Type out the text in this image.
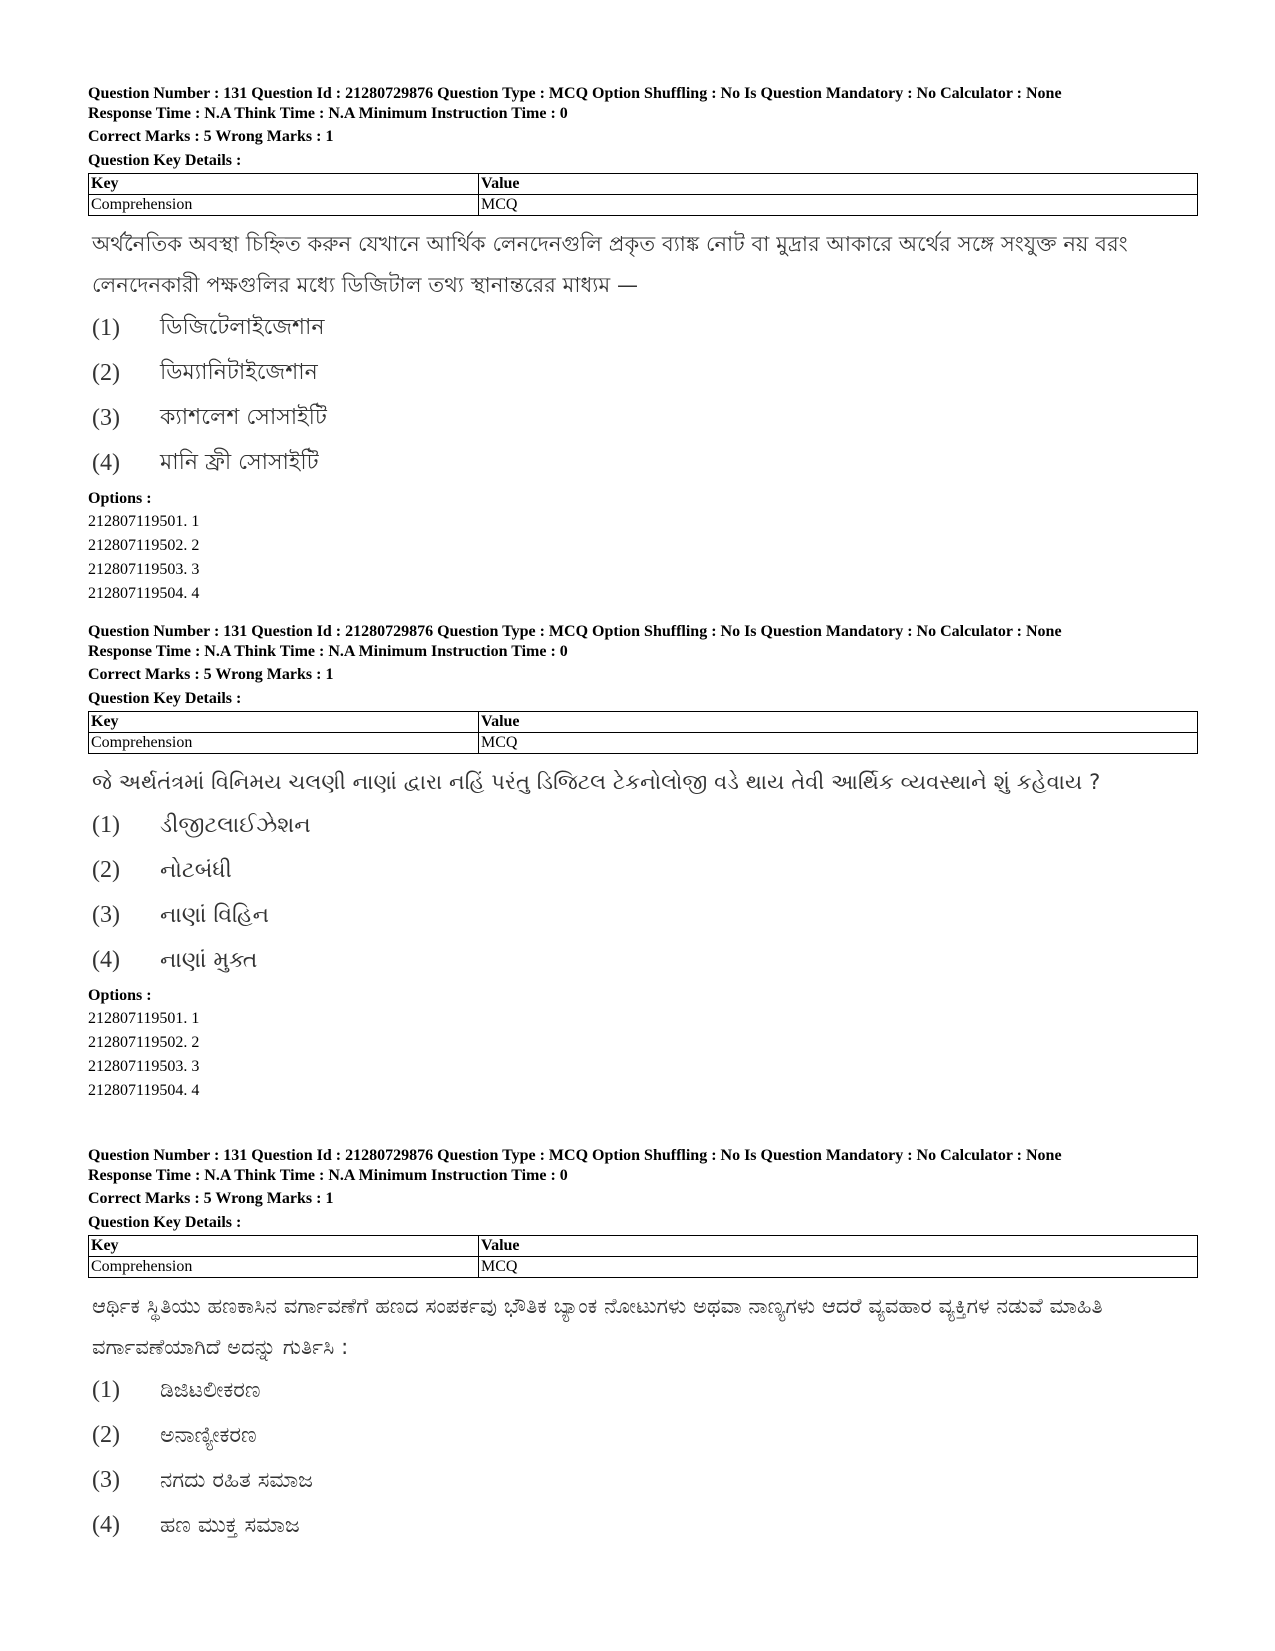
Question Number : 131 Question Id : 21280729876 Question Type : MCQ Option Shuffling : No Is Question Mandatory : No Calculator : None
Response Time : N.A Think Time : N.A Minimum Instruction Time : 0
Correct Marks : 5 Wrong Marks : 1
Question Key Details :
Key	Value
Comprehension	MCQ
অর্থনৈতিক অবস্থা চিহ্নিত করুন যেখানে আর্থিক লেনদেনগুলি প্রকৃত ব্যাঙ্ক নোট বা মুদ্রার আকারে অর্থের সঙ্গে সংযুক্ত নয় বরং লেনদেনকারী পক্ষগুলির মধ্যে ডিজিটাল তথ্য স্থানান্তরের মাধ্যম —
(1)	ডিজিটেলাইজেশান
(2)	ডিম্যানিটাইজেশান
(3)	ক্যাশলেশ সোসাইটি
(4)	মানি ফ্রী সোসাইটি
Options :
212807119501. 1
212807119502. 2
212807119503. 3
212807119504. 4
Question Number : 131 Question Id : 21280729876 Question Type : MCQ Option Shuffling : No Is Question Mandatory : No Calculator : None
Response Time : N.A Think Time : N.A Minimum Instruction Time : 0
Correct Marks : 5 Wrong Marks : 1
Question Key Details :
Key	Value
Comprehension	MCQ
જે અર્થતંત્રમાં વિનિમય ચલણી નાણાં દ્વારા નહિં પરંતુ ડિજિટલ ટેકનોલોજી વડે થાય તેવી આર્થિક વ્યવસ્થાને શું કહેવાય ?
(1)	ડીજીટલાઈઝેશન
(2)	નોટબંધી
(3)	નાણાં વિહિન
(4)	નાણાં મુક્ત
Options :
212807119501. 1
212807119502. 2
212807119503. 3
212807119504. 4
Question Number : 131 Question Id : 21280729876 Question Type : MCQ Option Shuffling : No Is Question Mandatory : No Calculator : None
Response Time : N.A Think Time : N.A Minimum Instruction Time : 0
Correct Marks : 5 Wrong Marks : 1
Question Key Details :
Key	Value
Comprehension	MCQ
ಆರ್ಥಿಕ ಸ್ಥಿತಿಯು ಹಣಕಾಸಿನ ವರ್ಗಾವಣೆಗೆ ಹಣದ ಸಂಪರ್ಕವು ಭೌತಿಕ ಬ್ಯಾಂಕ ನೋಟುಗಳು ಅಥವಾ ನಾಣ್ಯಗಳು ಆದರೆ ವ್ಯವಹಾರ ವ್ಯಕ್ತಿಗಳ ನಡುವೆ ಮಾಹಿತಿ ವರ್ಗಾವಣೆಯಾಗಿದೆ ಅದನ್ನು ಗುರ್ತಿಸಿ :
(1)	ಡಿಜಿಟಲೀಕರಣ
(2)	ಅನಾಣ್ಯೀಕರಣ
(3)	ನಗದು ರಹಿತ ಸಮಾಜ
(4)	ಹಣ ಮುಕ್ತ ಸಮಾಜ
